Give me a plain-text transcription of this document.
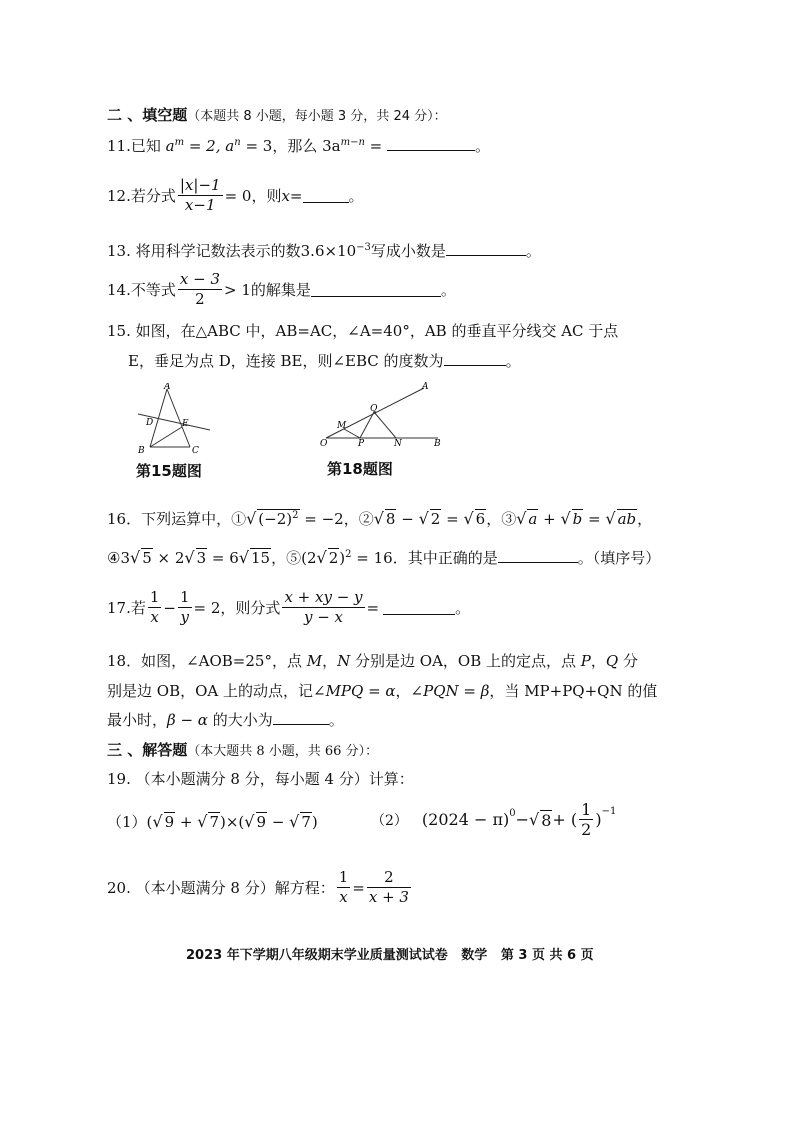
二 、填空题（本题共 8 小题，每小题 3 分，共 24 分）：
11.已知 $a^m = 2$, $a^n = 3$，那么 $3a^{m-n}$ =	。
12. 若分式 $\frac{|x|-1}{x-1} = 0$，则 x =	。
13. 将用科学记数法表示的数$3.6\times 10^{-3}$写成小数是	。
14. 不等式 $\frac{x - 3}{2} > 1$ 的解集是	。
15. 如图，在△ABC 中，AB=AC，∠A=40°，AB 的垂直平分线交 AC 于点
E，垂足为点 D，连接 BE，则∠EBC 的度数为	。
A
D	E
B	C
第15题图
A
Q
M
O	P	N	B
第18题图
16．下列运算中，①√ $(-2)^2 = -2$，②√ 8 − √ 2 = √ 6，③√ a + √ b = √ ab，
④3√ 5 × 2√ 3 = 6√ 15，⑤(2√ 2)$^2$ = 16．其中正确的是	。（填序号）
17. 若 $\frac{1}{x} - \frac{1}{y} = 2$，则分式 $\frac{x + xy - y}{y - x}$ =	。
18．如图，∠AOB=25°，点 M，N 分别是边 OA，OB 上的定点，点 P，Q 分
别是边 OB，OA 上的动点，记∠MPQ = α，∠PQN = β，当 MP+PQ+QN 的值
最小时，β − α 的大小为	。
三 、解答题（本大题共 8 小题，共 66 分）：
19. （本小题满分 8 分，每小题 4 分）计算：
（1）(√ 9 + √ 7)×(√ 9 − √ 7)	（2） $(2024 - \pi)^0$ − √ 8 + ( $\frac{1}{2} )^{-1}$
20. （本小题满分 8 分）解方程： $\frac{1}{x} = \frac{2}{x + 3}$
2023 年下学期八年级期末学业质量测试试卷   数学   第 3 页 共 6 页
